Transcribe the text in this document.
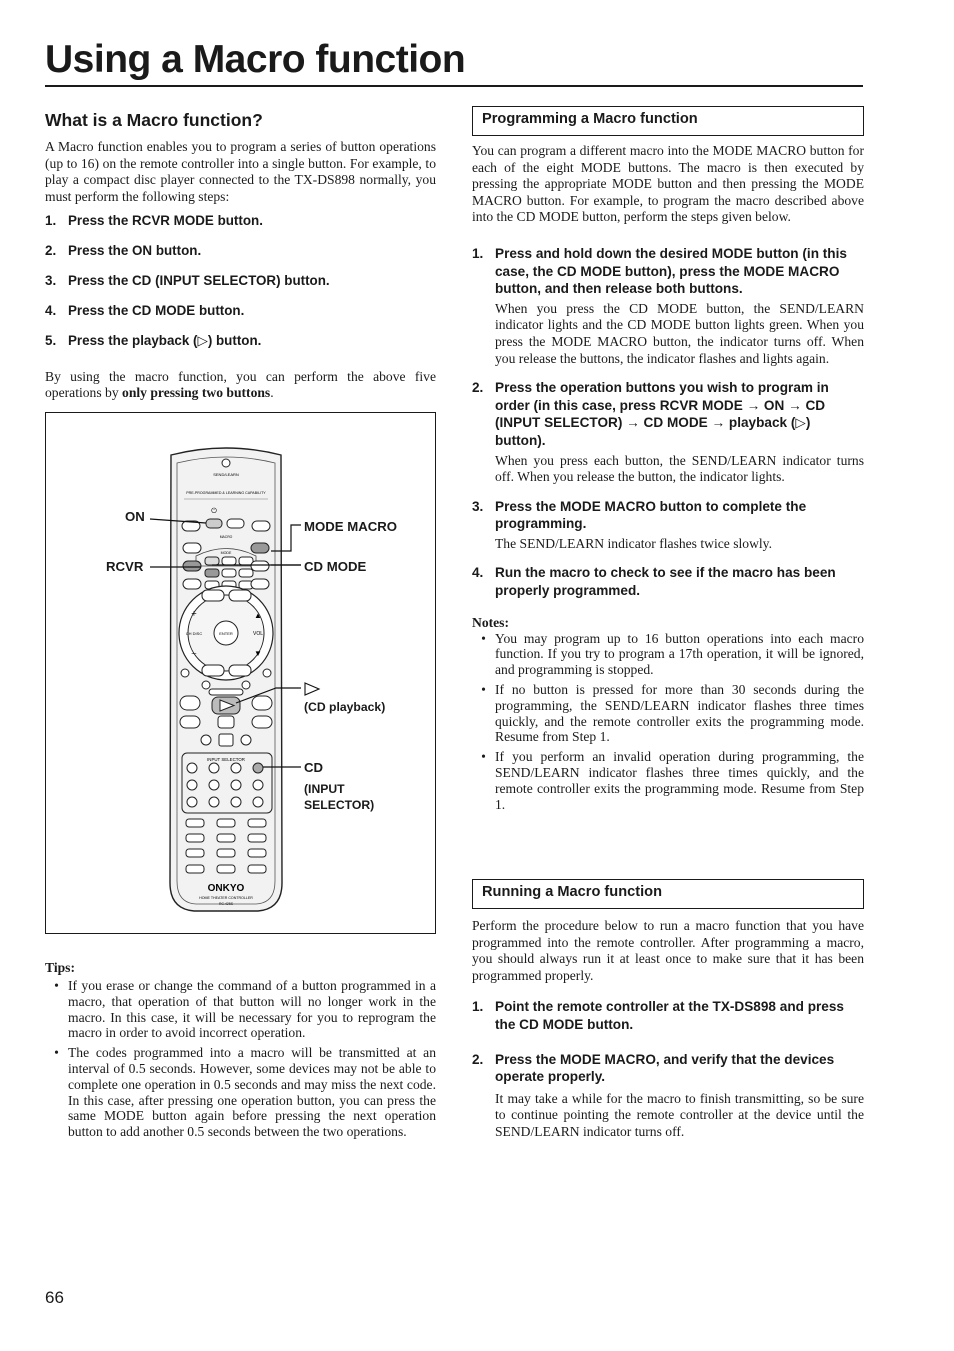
Using a Macro function
What is a Macro function?

A Macro function enables you to program a series of button operations (up to 16) on the remote controller into a single button. For example, to play a compact disc player connected to the TX-DS898 normally, you must perform the following steps:

1. Press the RCVR MODE button.
2. Press the ON button.
3. Press the CD (INPUT SELECTOR) button.
4. Press the CD MODE button.
5. Press the playback (▷) button.

By using the macro function, you can perform the above five operations by only pressing two buttons.

SEND/LEARN
PRE-PROGRAMMED & LEARNING CAPABILITY
⏻
MACRO
MODE
ENTER	VOL
CH DISC
+
−
▲
▼
INPUT SELECTOR
ONKYO
HOME THEATER CONTROLLER
RC-425S
ON
RCVR
MODE MACRO
CD MODE
(CD playback)
CD
(INPUT
SELECTOR)
Tips:
• If you erase or change the command of a button programmed in a macro, that operation of that button will no longer work in the macro. In this case, it will be necessary for you to reprogram the macro in order to avoid incorrect operation.
• The codes programmed into a macro will be transmitted at an interval of 0.5 seconds. However, some devices may not be able to complete one operation in 0.5 seconds and may miss the next code. In this case, after pressing one operation button, you can press the same MODE button again before pressing the next operation button to add another 0.5 seconds between the two operations.
Programming a Macro function

You can program a different macro into the MODE MACRO button for each of the eight MODE buttons. The macro is then executed by pressing the appropriate MODE button and then pressing the MODE MACRO button. For example, to program the macro described above into the CD MODE button, perform the steps given below.

1. Press and hold down the desired MODE button (in this case, the CD MODE button), press the MODE MACRO button, and then release both buttons.
When you press the CD MODE button, the SEND/LEARN indicator lights and the CD MODE button lights green. When you press the MODE MACRO button, the indicator turns off. When you release the buttons, the indicator flashes and lights again.
2. Press the operation buttons you wish to program in order (in this case, press RCVR MODE → ON → CD (INPUT SELECTOR) → CD MODE → playback (▷) button).
When you press each button, the SEND/LEARN indicator turns off. When you release the button, the indicator lights.
3. Press the MODE MACRO button to complete the programming.
The SEND/LEARN indicator flashes twice slowly.
4. Run the macro to check to see if the macro has been properly programmed.
Notes:
• You may program up to 16 button operations into each macro function. If you try to program a 17th operation, it will be ignored, and programming is stopped.
• If no button is pressed for more than 30 seconds during the programming, the SEND/LEARN indicator flashes three times quickly, and the remote controller exits the programming mode. Resume from Step 1.
• If you perform an invalid operation during programming, the SEND/LEARN indicator flashes three times quickly, and the remote controller exits the programming mode. Resume from Step 1.
Running a Macro function

Perform the procedure below to run a macro function that you have programmed into the remote controller. After programming a macro, you should always run it at least once to make sure that it has been programmed properly.

1. Point the remote controller at the TX-DS898 and press the CD MODE button.
2. Press the MODE MACRO, and verify that the devices operate properly.
It may take a while for the macro to finish transmitting, so be sure to continue pointing the remote controller at the device until the SEND/LEARN indicator turns off.
66
